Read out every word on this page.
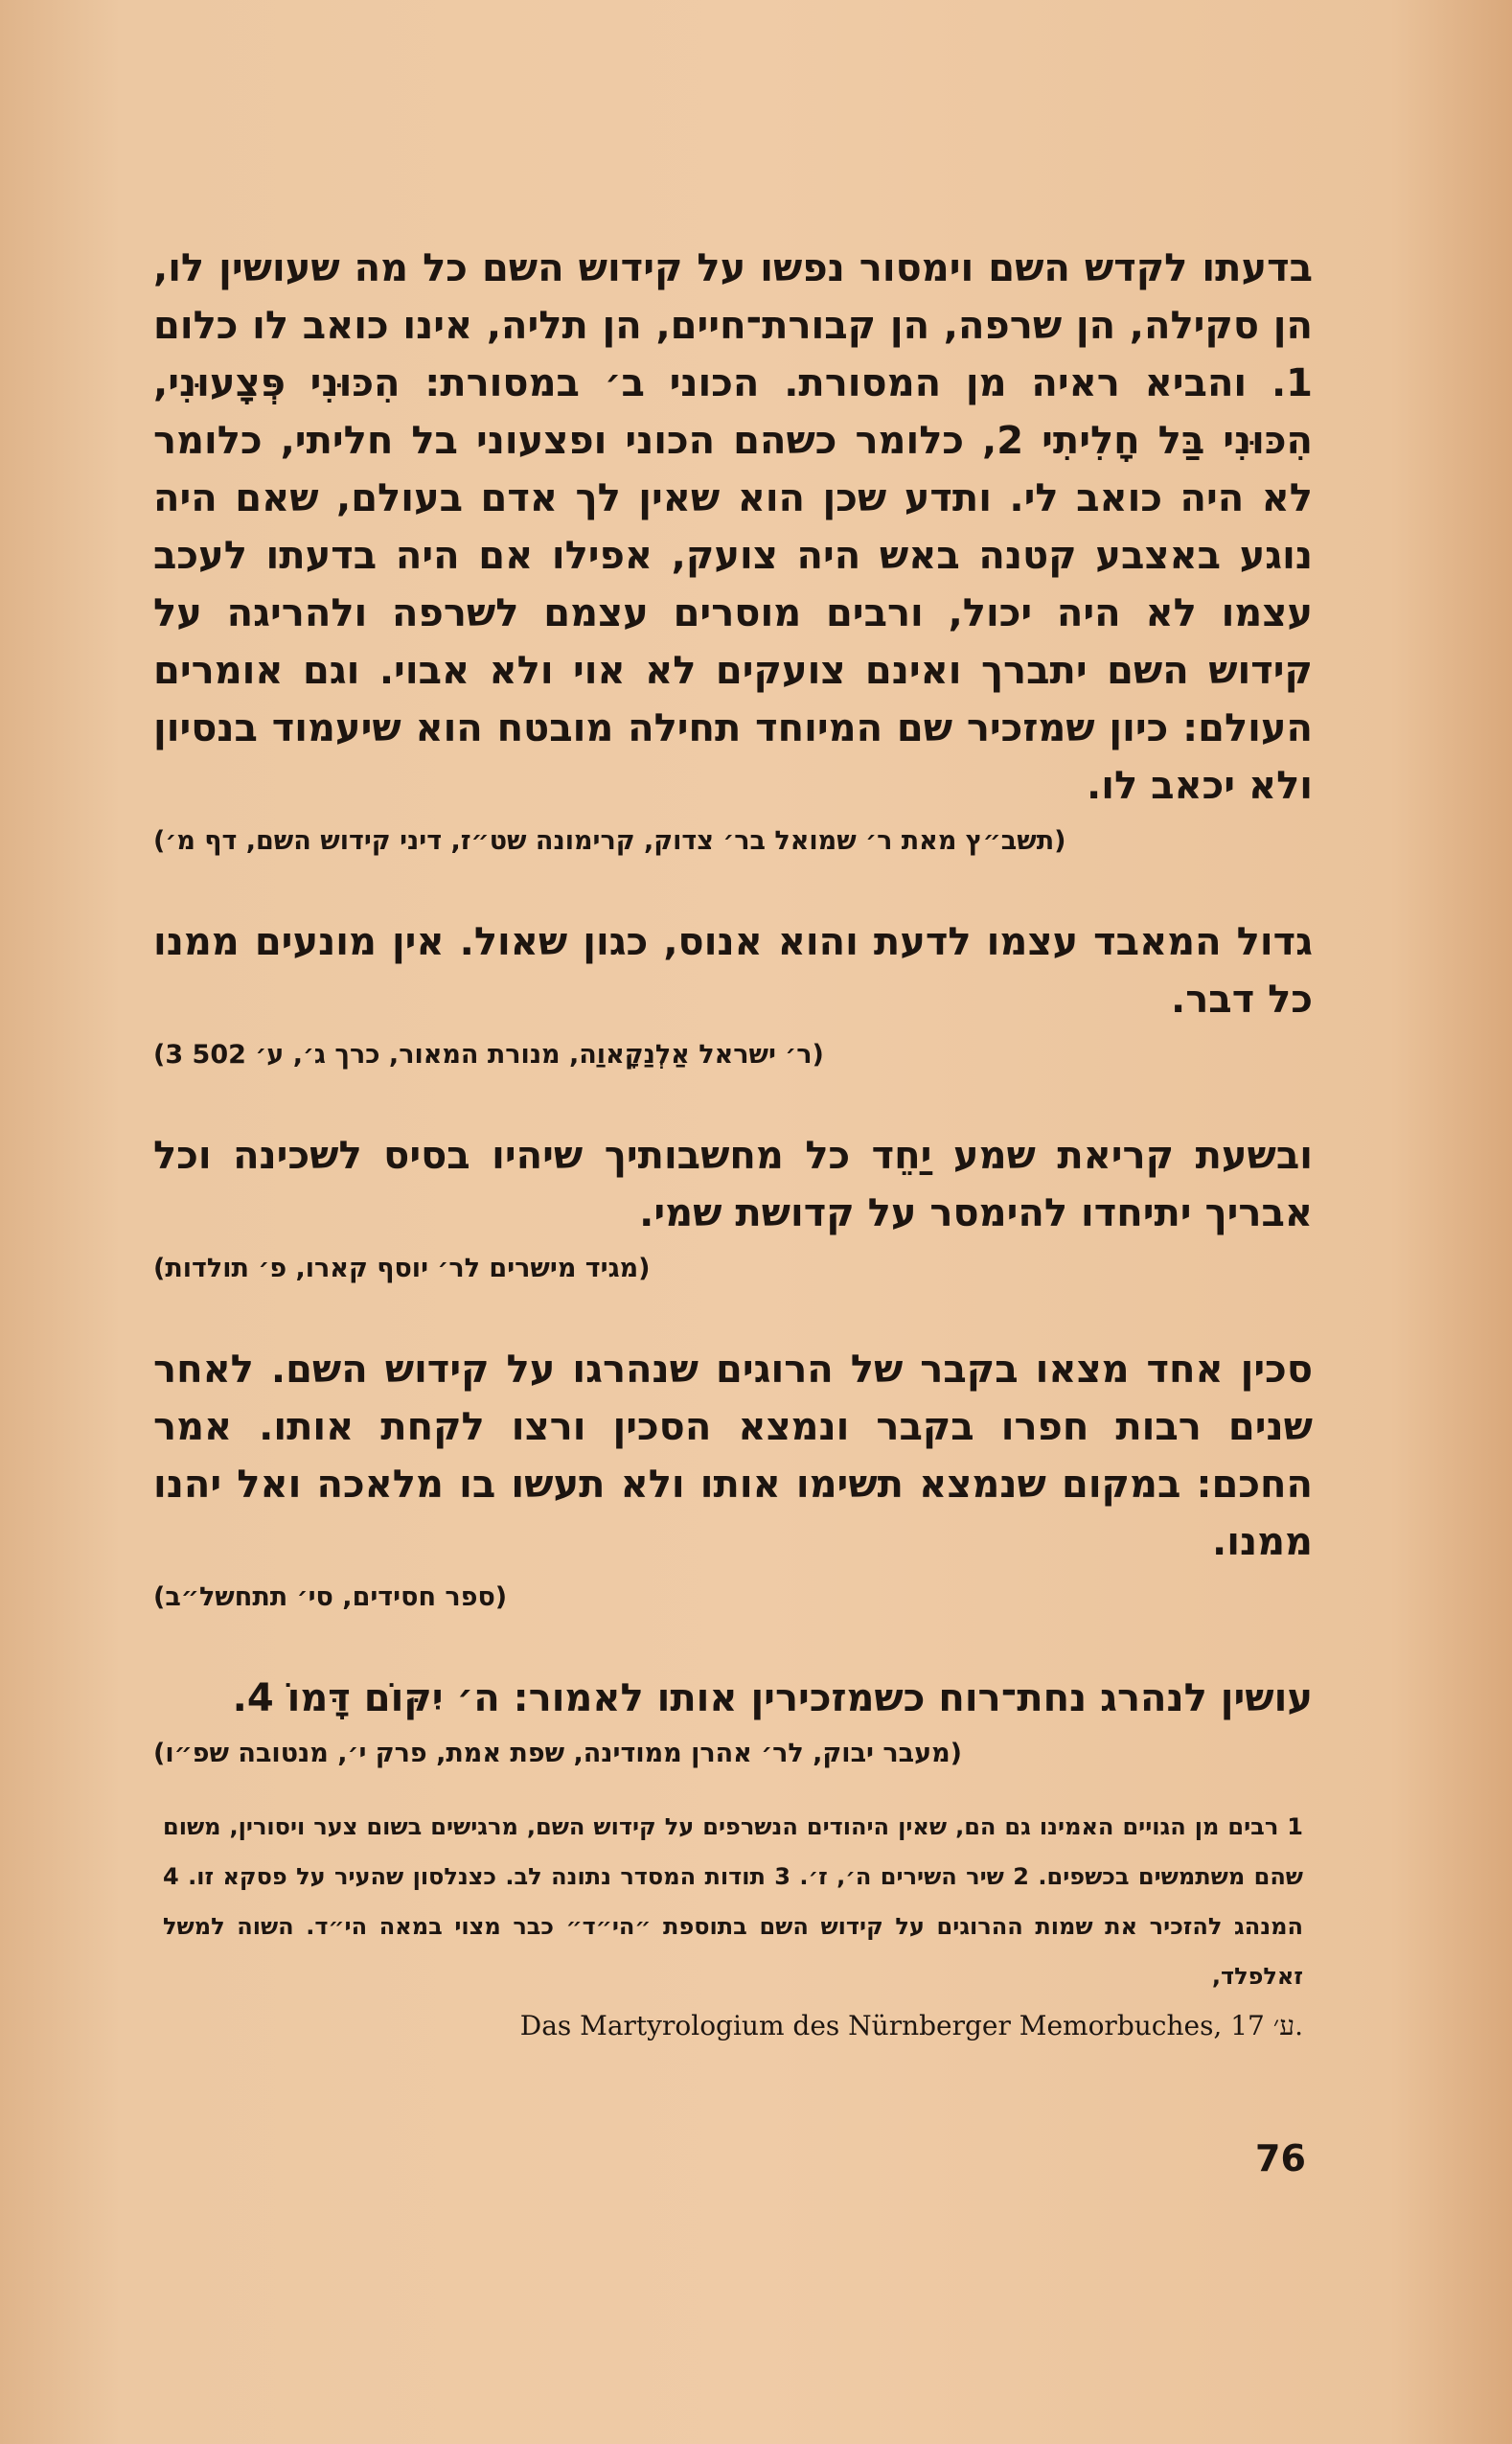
בדעתו לקדש השם וימסור נפשו על קידוש השם כל מה שעושין לו, הן סקילה, הן שרפה, הן קבורת־חיים, הן תליה, אינו כואב לו כלום 1. והביא ראיה מן המסורת. הכוני ב׳ במסורת: הִכּוּנִי פְּצָעוּנִי, הִכּוּנִי בַּל חָלִיתִי 2, כלומר כשהם הכוני ופצעוני בל חליתי, כלומר לא היה כואב לי. ותדע שכן הוא שאין לך אדם בעולם, שאם היה נוגע באצבע קטנה באש היה צועק, אפילו אם היה בדעתו לעכב עצמו לא היה יכול, ורבים מוסרים עצמם לשרפה ולהריגה על קידוש השם יתברך ואינם צועקים לא אוי ולא אבוי. וגם אומרים העולם: כיון שמזכיר שם המיוחד תחילה מובטח הוא שיעמוד בנסיון ולא יכאב לו.

(תשב״ץ מאת ר׳ שמואל בר׳ צדוק, קרימונה שט״ז, דיני קידוש השם, דף מ׳)

גדול המאבד עצמו לדעת והוא אנוס, כגון שאול. אין מונעים ממנו כל דבר.

(ר׳ ישראל אַלְנַקָאוַה, מנורת המאור, כרך ג׳, ע׳ 502 3)

ובשעת קריאת שמע יַחֵד כל מחשבותיך שיהיו בסיס לשכינה וכל אבריך יתיחדו להימסר על קדושת שמי.

(מגיד מישרים לר׳ יוסף קארו, פ׳ תולדות)

סכין אחד מצאו בקבר של הרוגים שנהרגו על קידוש השם. לאחר שנים רבות חפרו בקבר ונמצא הסכין ורצו לקחת אותו. אמר החכם: במקום שנמצא תשימו אותו ולא תעשו בו מלאכה ואל יהנו ממנו.

(ספר חסידים, סי׳ תתחשל״ב)

עושין לנהרג נחת־רוח כשמזכירין אותו לאמור: ה׳ יִקּוֹם דָּמוֹ 4.

(מעבר יבוק, לר׳ אהרן ממודינה, שפת אמת, פרק י׳, מנטובה שפ״ו)

1 רבים מן הגויים האמינו גם הם, שאין היהודים הנשרפים על קידוש השם, מרגישים בשום צער ויסורין, משום שהם משתמשים בכשפים. 2 שיר השירים ה׳, ז׳. 3 תודות המסדר נתונה לב. כצנלסון שהעיר על פסקא זו. 4 המנהג להזכיר את שמות ההרוגים על קידוש השם בתוספת ״הי״ד״ כבר מצוי במאה הי״ד. השוה למשל זאלפלד,
Das Martyrologium des Nürnberger Memorbuches, ע׳ 17.
76
